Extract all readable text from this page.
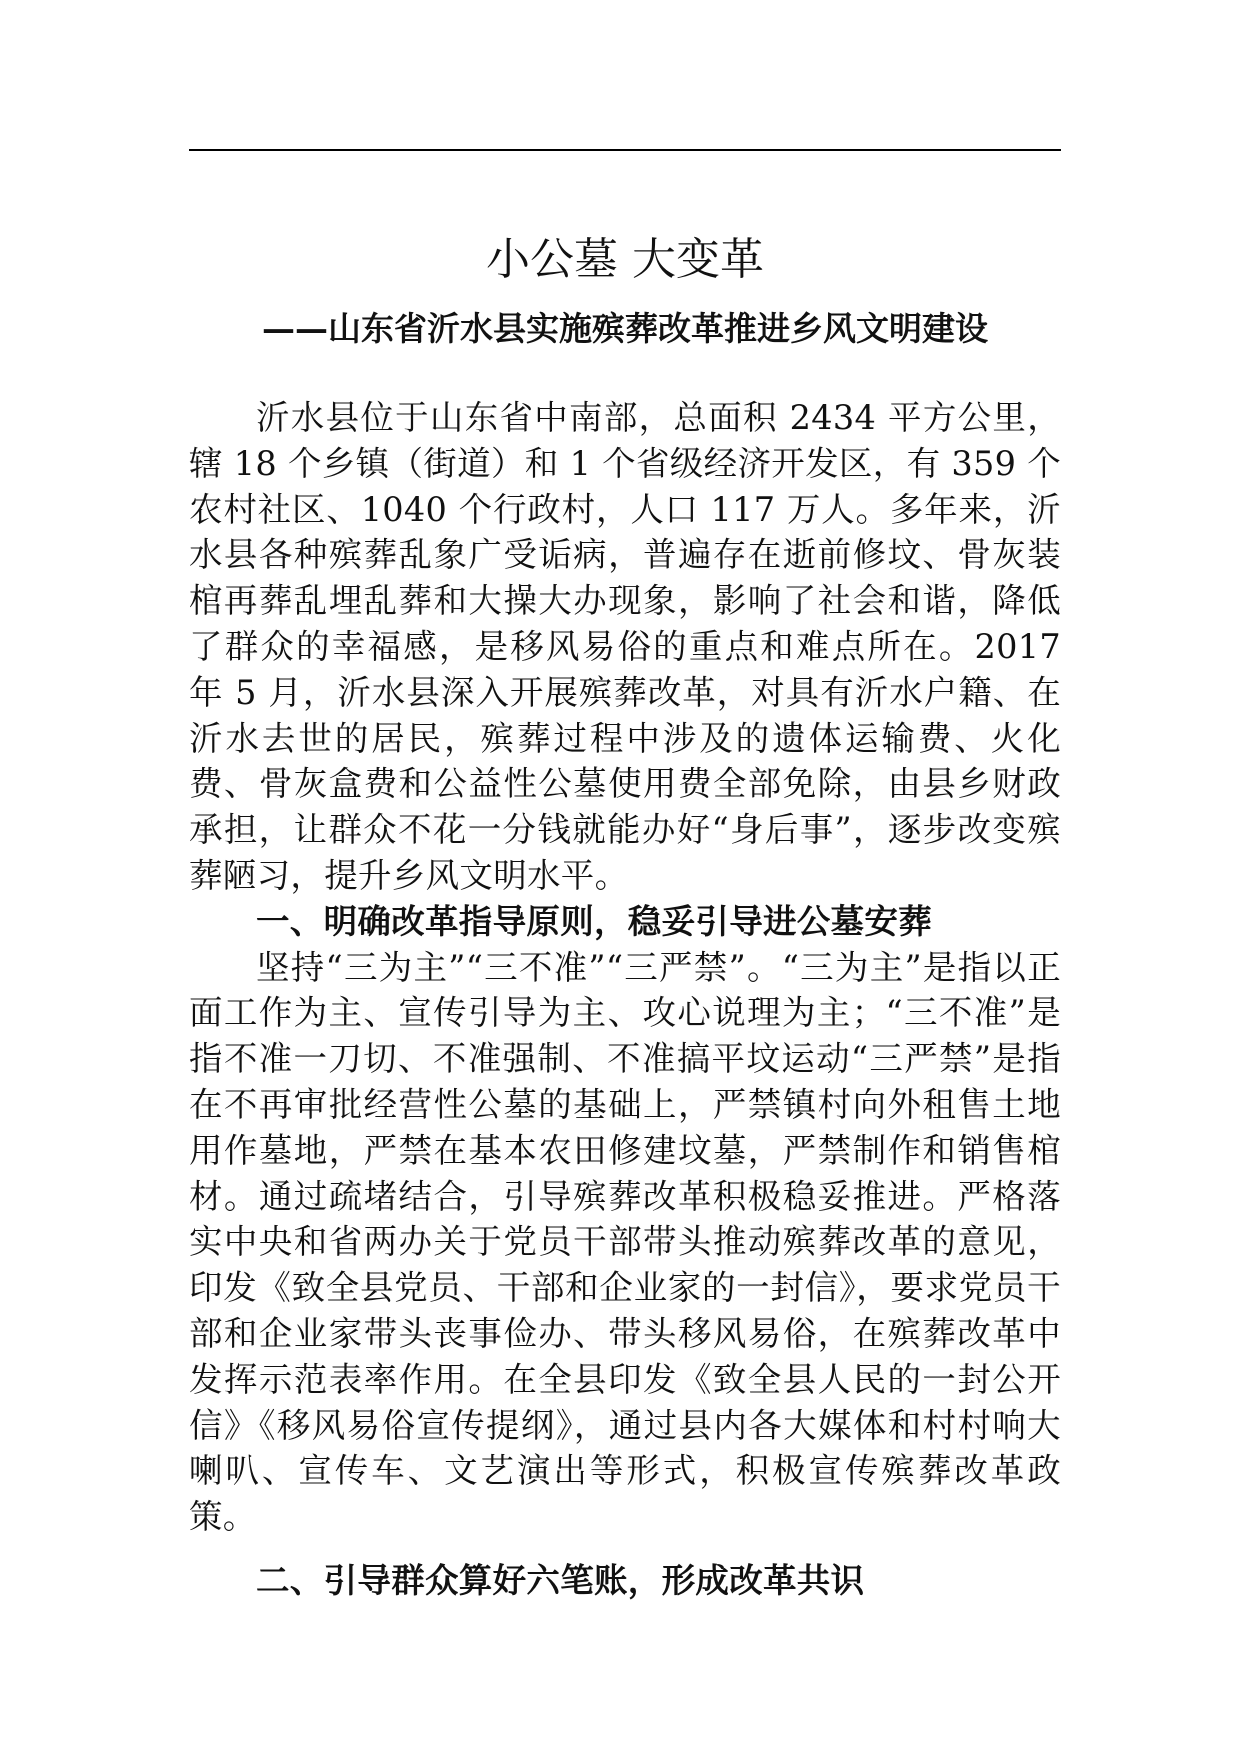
小公墓 大变革
——山东省沂水县实施殡葬改革推进乡风文明建设

沂水县位于山东省中南部，总面积 2434 平方公里，辖 18 个乡镇（街道）和 1 个省级经济开发区，有 359 个农村社区、1040 个行政村，人口 117 万人。多年来，沂水县各种殡葬乱象广受诟病，普遍存在逝前修坟、骨灰装棺再葬乱埋乱葬和大操大办现象，影响了社会和谐，降低了群众的幸福感，是移风易俗的重点和难点所在。2017 年 5 月，沂水县深入开展殡葬改革，对具有沂水户籍、在沂水去世的居民，殡葬过程中涉及的遗体运输费、火化费、骨灰盒费和公益性公墓使用费全部免除，由县乡财政承担，让群众不花一分钱就能办好“身后事”，逐步改变殡葬陋习，提升乡风文明水平。

一、明确改革指导原则，稳妥引导进公墓安葬

坚持“三为主”“三不准”“三严禁”。“三为主”是指以正面工作为主、宣传引导为主、攻心说理为主；“三不准”是指不准一刀切、不准强制、不准搞平坟运动“三严禁”是指在不再审批经营性公墓的基础上，严禁镇村向外租售土地用作墓地，严禁在基本农田修建坟墓，严禁制作和销售棺材。通过疏堵结合，引导殡葬改革积极稳妥推进。严格落实中央和省两办关于党员干部带头推动殡葬改革的意见，印发《致全县党员、干部和企业家的一封信》，要求党员干部和企业家带头丧事俭办、带头移风易俗，在殡葬改革中发挥示范表率作用。在全县印发《致全县人民的一封公开信》《移风易俗宣传提纲》，通过县内各大媒体和村村响大喇叭、宣传车、文艺演出等形式，积极宣传殡葬改革政策。

二、引导群众算好六笔账，形成改革共识
